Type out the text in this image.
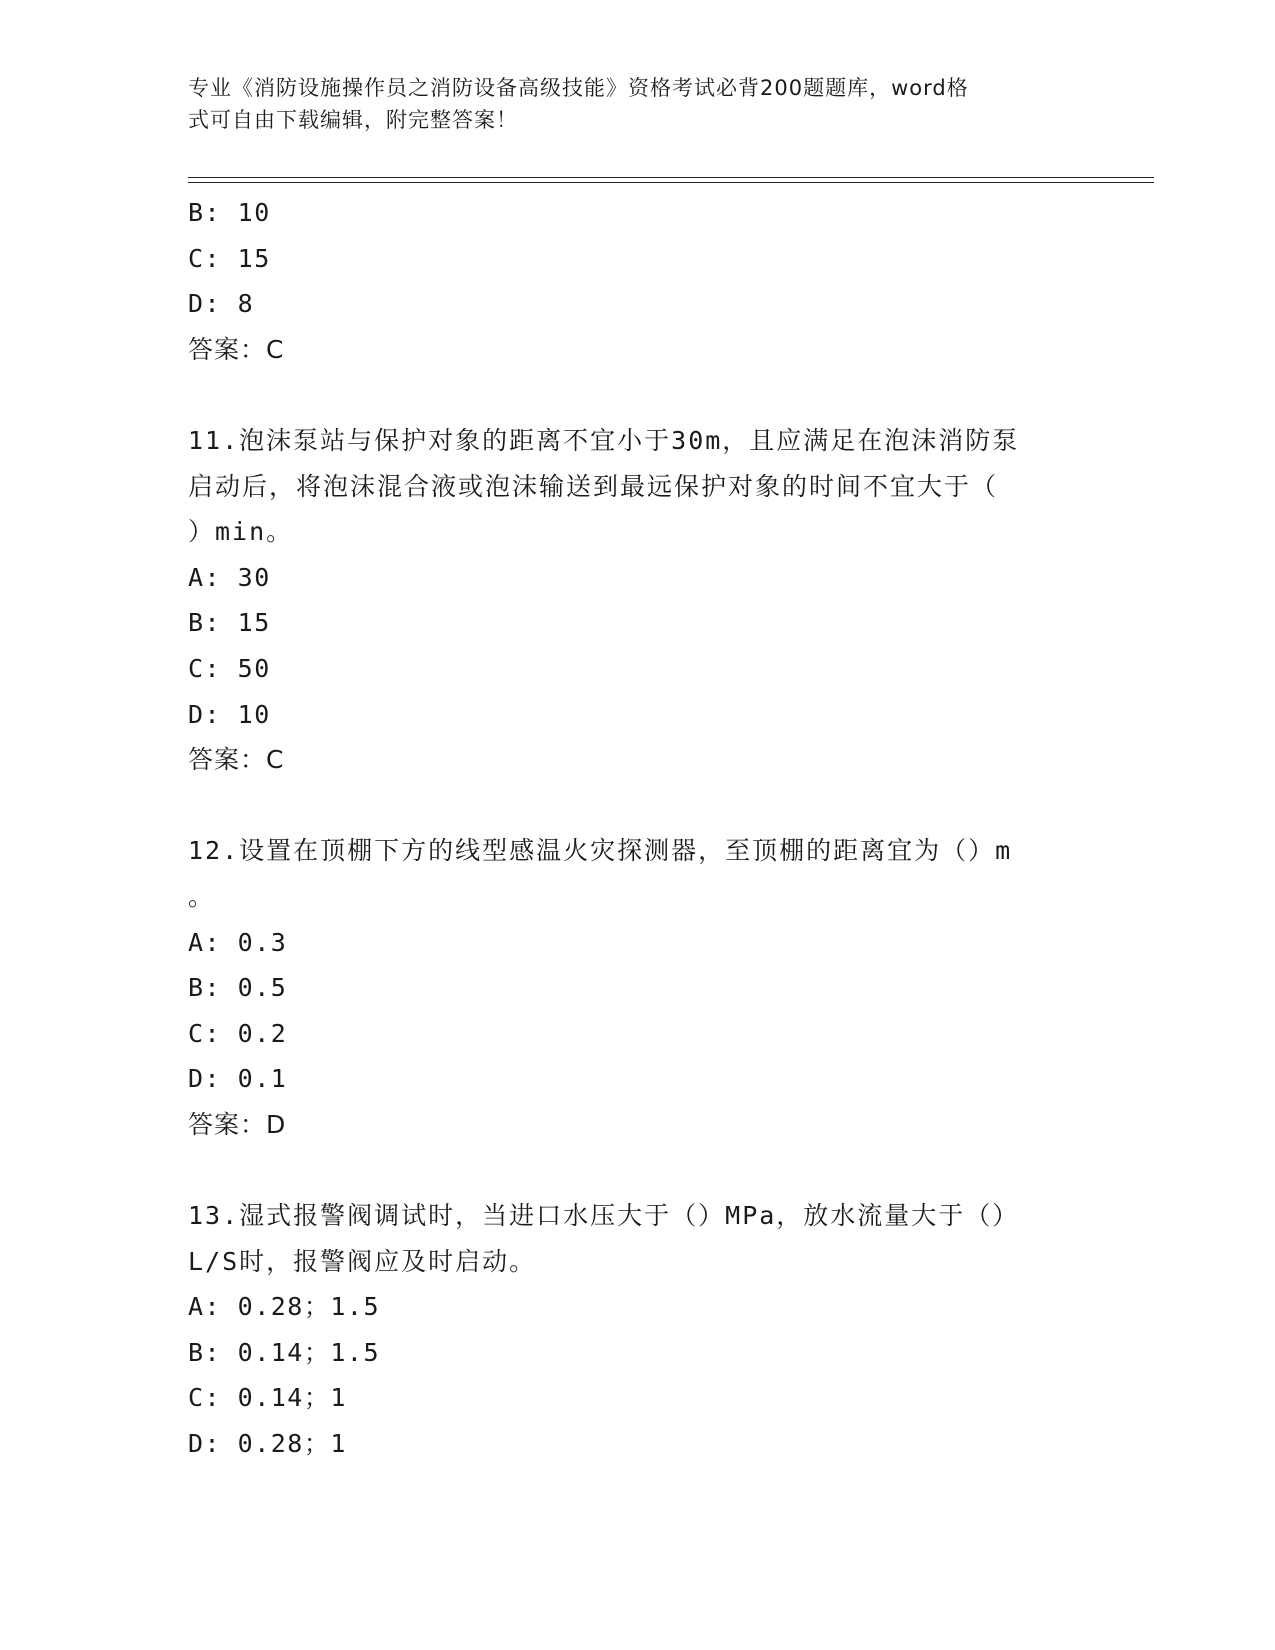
专业《消防设施操作员之消防设备高级技能》资格考试必背200题题库，word格
式可自由下载编辑，附完整答案！
B: 10
C: 15
D: 8
答案：C
11.泡沫泵站与保护对象的距离不宜小于30m，且应满足在泡沫消防泵
启动后，将泡沫混合液或泡沫输送到最远保护对象的时间不宜大于（
）min。
A: 30
B: 15
C: 50
D: 10
答案：C
12.设置在顶棚下方的线型感温火灾探测器，至顶棚的距离宜为（）m
。
A: 0.3
B: 0.5
C: 0.2
D: 0.1
答案：D
13.湿式报警阀调试时，当进口水压大于（）MPa，放水流量大于（）
L/S时，报警阀应及时启动。
A: 0.28；1.5
B: 0.14；1.5
C: 0.14；1
D: 0.28；1
